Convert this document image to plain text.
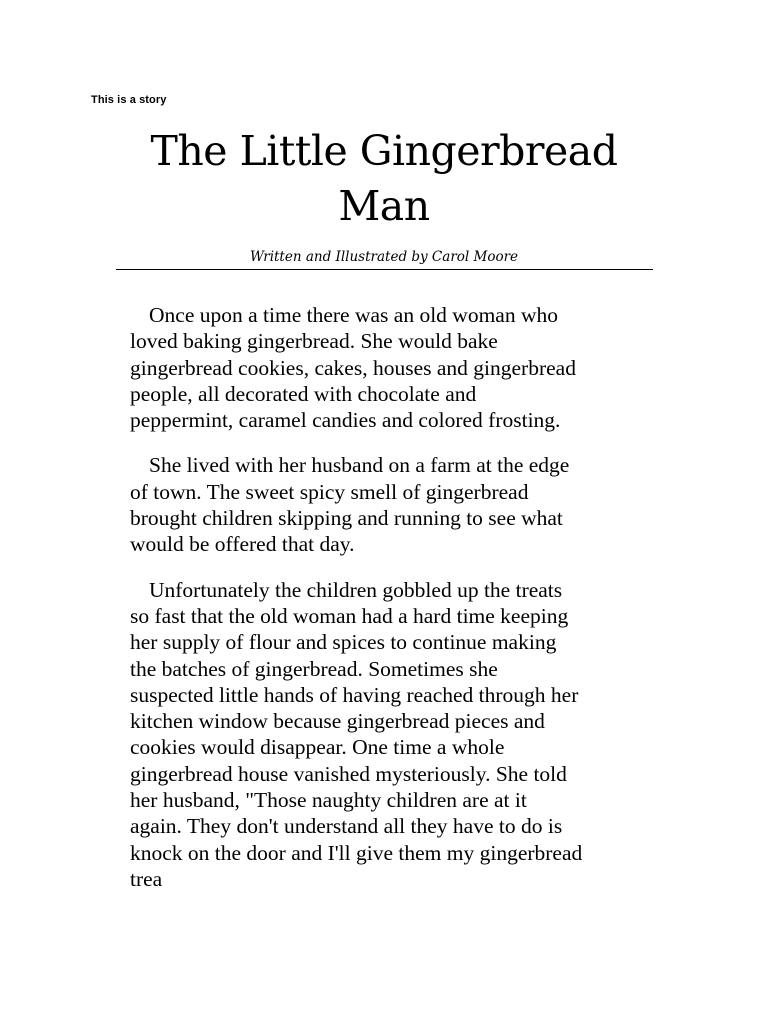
This is a story
The Little Gingerbread
Man
Written and Illustrated by Carol Moore

Once upon a time there was an old woman who
loved baking gingerbread. She would bake
gingerbread cookies, cakes, houses and gingerbread
people, all decorated with chocolate and
peppermint, caramel candies and colored frosting.

She lived with her husband on a farm at the edge
of town. The sweet spicy smell of gingerbread
brought children skipping and running to see what
would be offered that day.

Unfortunately the children gobbled up the treats
so fast that the old woman had a hard time keeping
her supply of flour and spices to continue making
the batches of gingerbread. Sometimes she
suspected little hands of having reached through her
kitchen window because gingerbread pieces and
cookies would disappear. One time a whole
gingerbread house vanished mysteriously. She told
her husband, "Those naughty children are at it
again. They don't understand all they have to do is
knock on the door and I'll give them my gingerbread
trea
